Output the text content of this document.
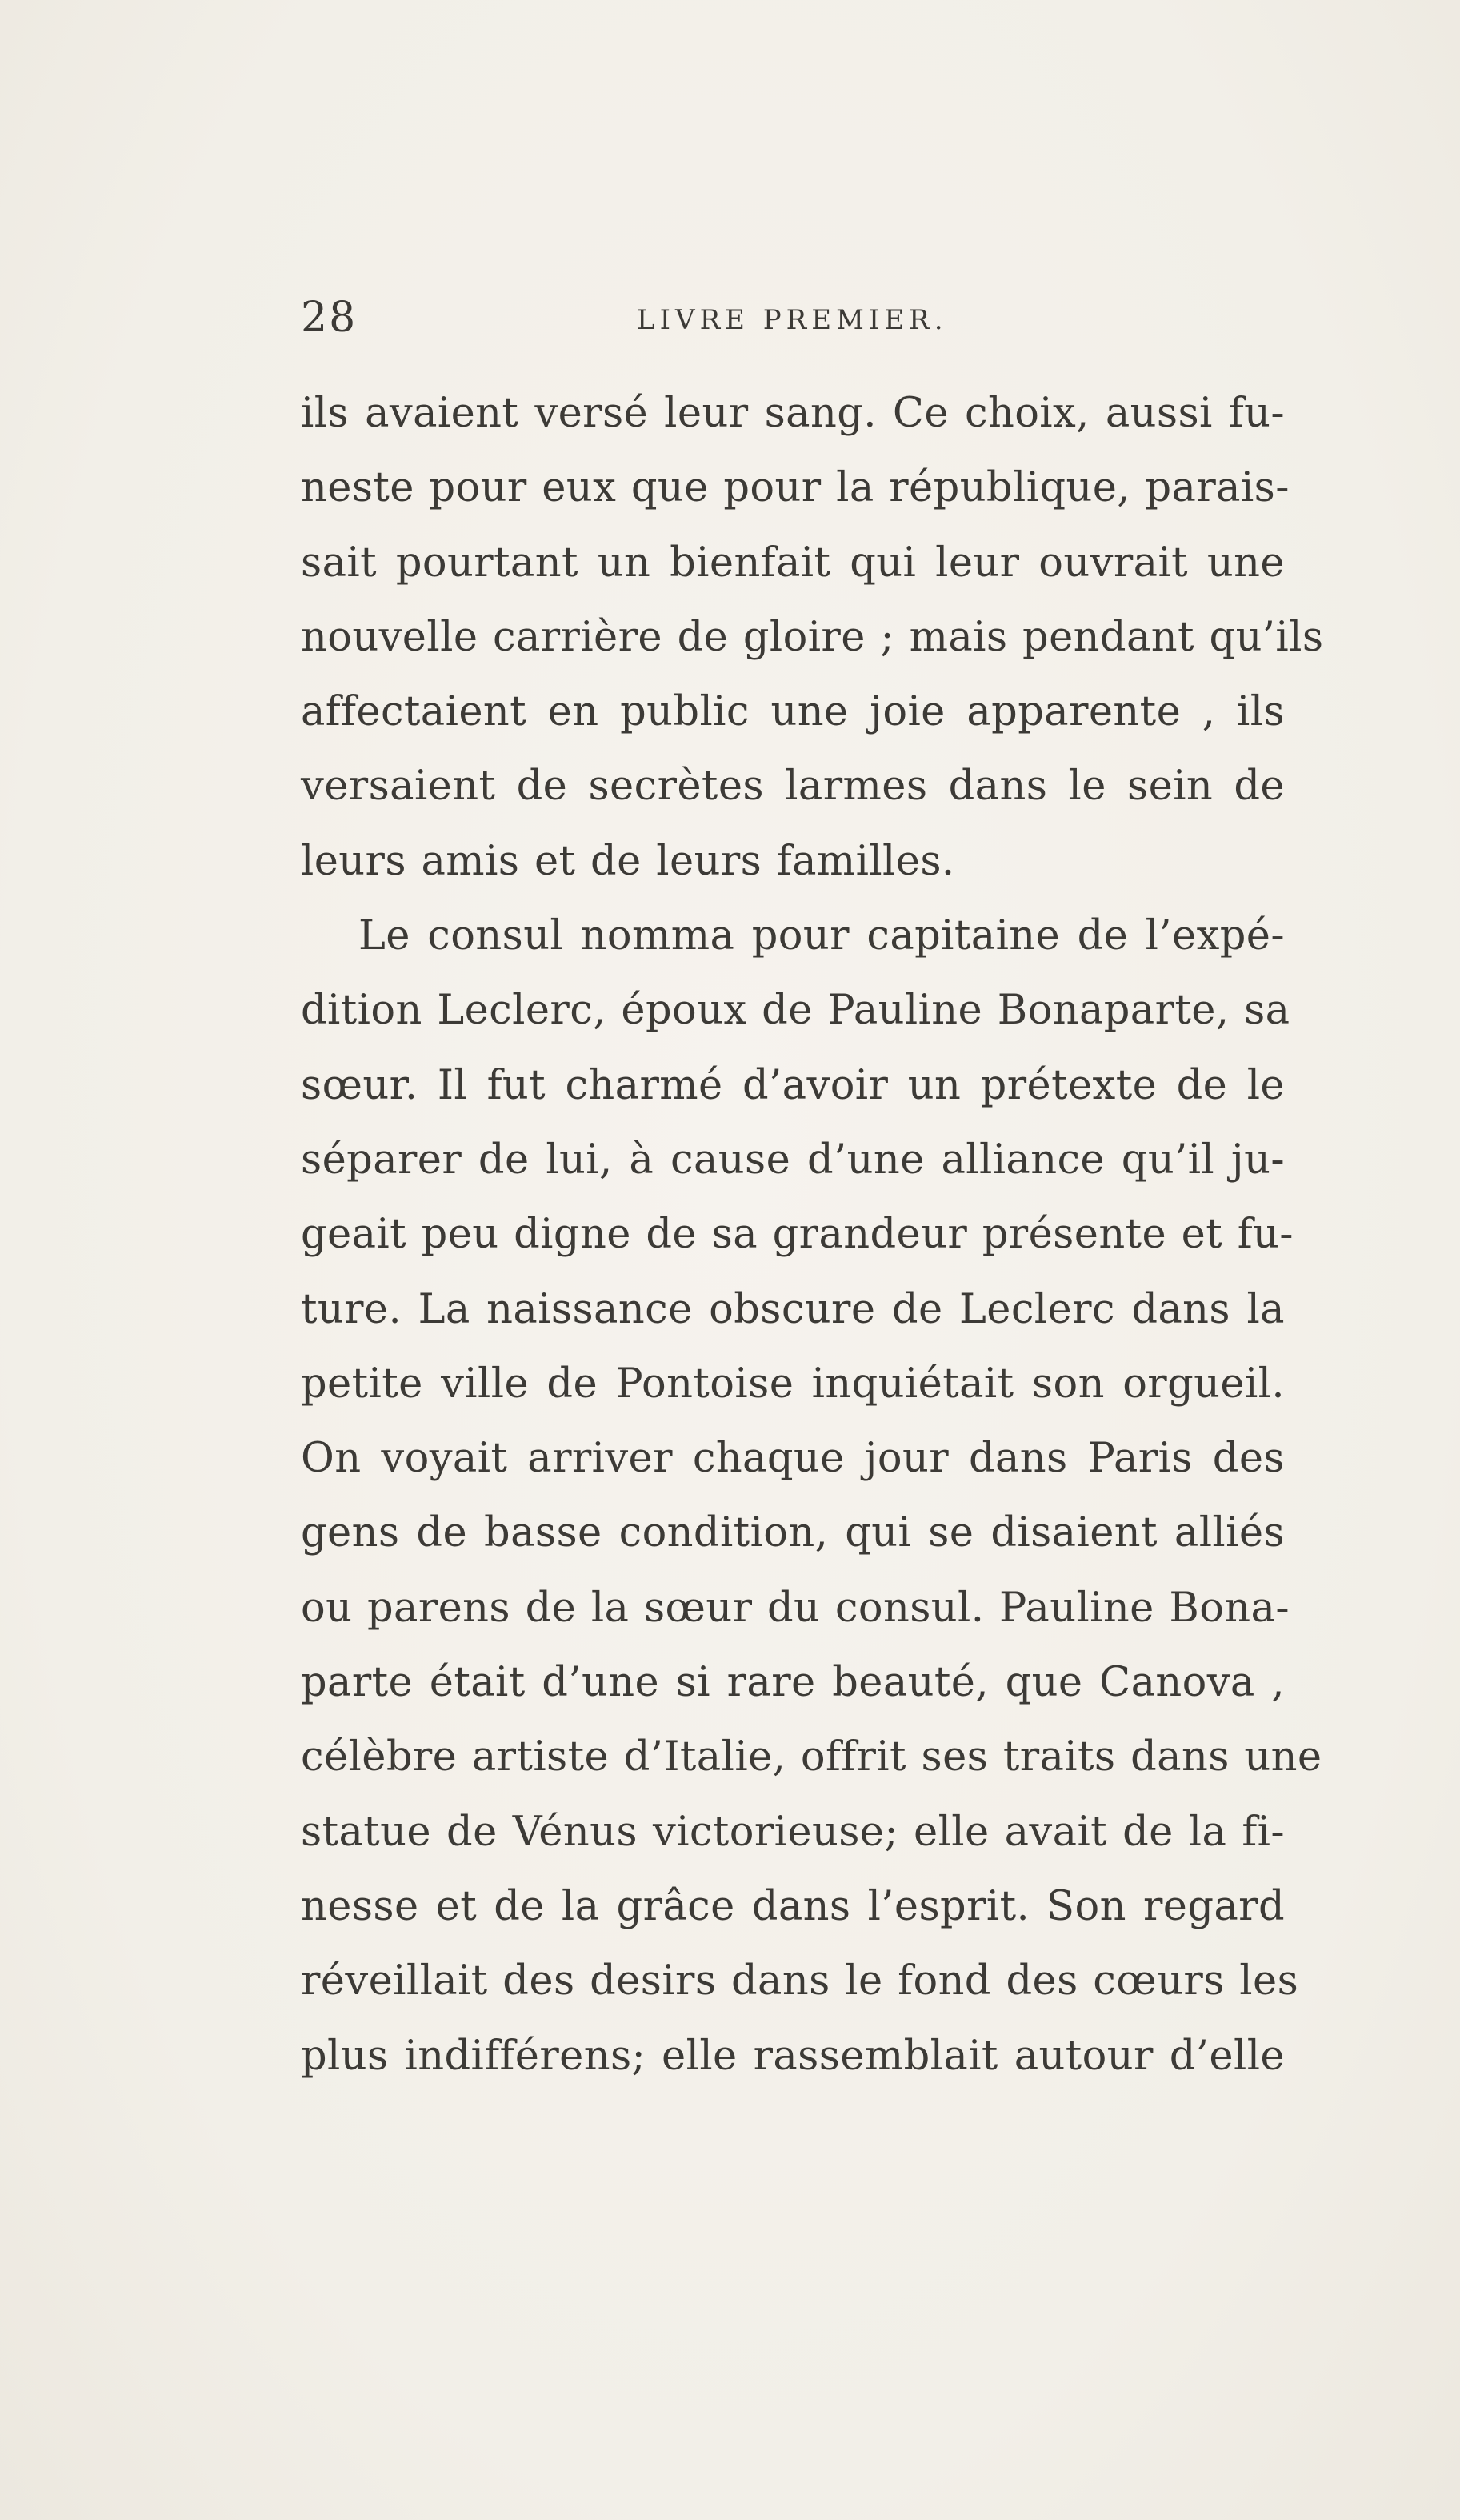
28	LIVRE PREMIER.
ils avaient versé leur sang. Ce choix, aussi fu-
neste pour eux que pour la république, parais-
sait pourtant un bienfait qui leur ouvrait une
nouvelle carrière de gloire ; mais pendant qu’ils
affectaient en public une joie apparente , ils
versaient de secrètes larmes dans le sein de
leurs amis et de leurs familles.
Le consul nomma pour capitaine de l’expé-
dition Leclerc, époux de Pauline Bonaparte, sa
sœur. Il fut charmé d’avoir un prétexte de le
séparer de lui, à cause d’une alliance qu’il ju-
geait peu digne de sa grandeur présente et fu-
ture. La naissance obscure de Leclerc dans la
petite ville de Pontoise inquiétait son orgueil.
On voyait arriver chaque jour dans Paris des
gens de basse condition, qui se disaient alliés
ou parens de la sœur du consul. Pauline Bona-
parte était d’une si rare beauté, que Canova ,
célèbre artiste d’Italie, offrit ses traits dans une
statue de Vénus victorieuse; elle avait de la fi-
nesse et de la grâce dans l’esprit. Son regard
réveillait des desirs dans le fond des cœurs les
plus indifférens; elle rassemblait autour d’elle
